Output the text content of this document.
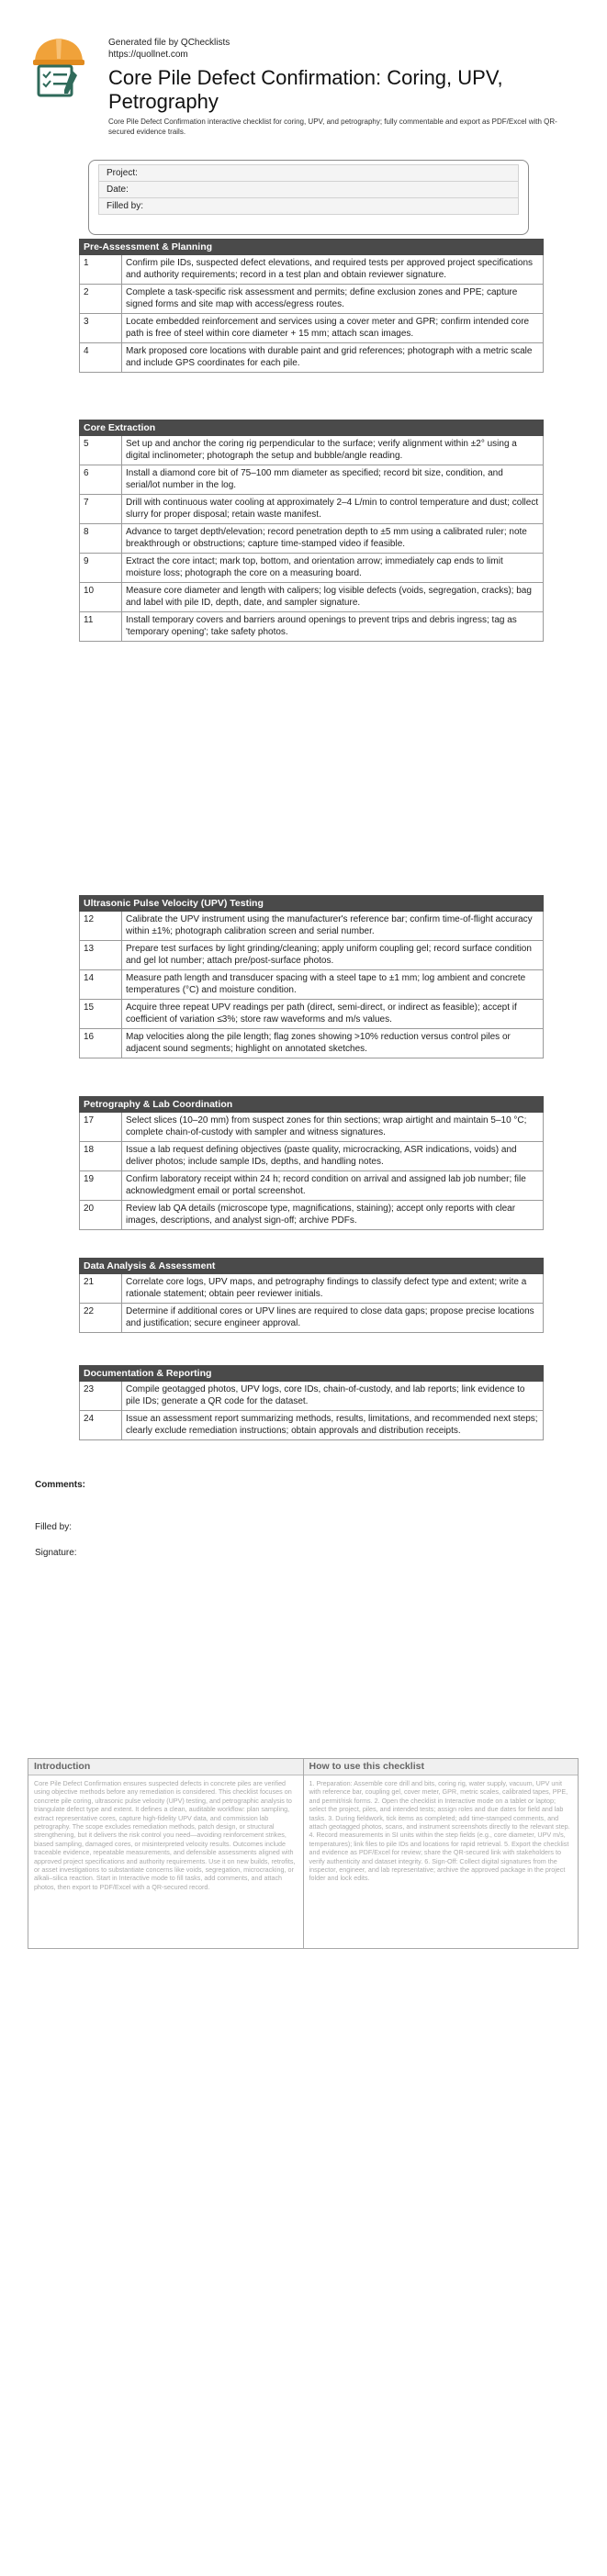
Generated file by QChecklists
https://quollnet.com
Core Pile Defect Confirmation: Coring, UPV, Petrography
Core Pile Defect Confirmation interactive checklist for coring, UPV, and petrography; fully commentable and export as PDF/Excel with QR-secured evidence trails.
Project:
Date:
Filled by:
Pre-Assessment & Planning
1	Confirm pile IDs, suspected defect elevations, and required tests per approved project specifications and authority requirements; record in a test plan and obtain reviewer signature.
2	Complete a task-specific risk assessment and permits; define exclusion zones and PPE; capture signed forms and site map with access/egress routes.
3	Locate embedded reinforcement and services using a cover meter and GPR; confirm intended core path is free of steel within core diameter + 15 mm; attach scan images.
4	Mark proposed core locations with durable paint and grid references; photograph with a metric scale and include GPS coordinates for each pile.
Core Extraction
5	Set up and anchor the coring rig perpendicular to the surface; verify alignment within ±2° using a digital inclinometer; photograph the setup and bubble/angle reading.
6	Install a diamond core bit of 75–100 mm diameter as specified; record bit size, condition, and serial/lot number in the log.
7	Drill with continuous water cooling at approximately 2–4 L/min to control temperature and dust; collect slurry for proper disposal; retain waste manifest.
8	Advance to target depth/elevation; record penetration depth to ±5 mm using a calibrated ruler; note breakthrough or obstructions; capture time-stamped video if feasible.
9	Extract the core intact; mark top, bottom, and orientation arrow; immediately cap ends to limit moisture loss; photograph the core on a measuring board.
10	Measure core diameter and length with calipers; log visible defects (voids, segregation, cracks); bag and label with pile ID, depth, date, and sampler signature.
11	Install temporary covers and barriers around openings to prevent trips and debris ingress; tag as 'temporary opening'; take safety photos.
Ultrasonic Pulse Velocity (UPV) Testing
12	Calibrate the UPV instrument using the manufacturer's reference bar; confirm time-of-flight accuracy within ±1%; photograph calibration screen and serial number.
13	Prepare test surfaces by light grinding/cleaning; apply uniform coupling gel; record surface condition and gel lot number; attach pre/post-surface photos.
14	Measure path length and transducer spacing with a steel tape to ±1 mm; log ambient and concrete temperatures (°C) and moisture condition.
15	Acquire three repeat UPV readings per path (direct, semi-direct, or indirect as feasible); accept if coefficient of variation ≤3%; store raw waveforms and m/s values.
16	Map velocities along the pile length; flag zones showing >10% reduction versus control piles or adjacent sound segments; highlight on annotated sketches.
Petrography & Lab Coordination
17	Select slices (10–20 mm) from suspect zones for thin sections; wrap airtight and maintain 5–10 °C; complete chain-of-custody with sampler and witness signatures.
18	Issue a lab request defining objectives (paste quality, microcracking, ASR indications, voids) and deliver photos; include sample IDs, depths, and handling notes.
19	Confirm laboratory receipt within 24 h; record condition on arrival and assigned lab job number; file acknowledgment email or portal screenshot.
20	Review lab QA details (microscope type, magnifications, staining); accept only reports with clear images, descriptions, and analyst sign-off; archive PDFs.
Data Analysis & Assessment
21	Correlate core logs, UPV maps, and petrography findings to classify defect type and extent; write a rationale statement; obtain peer reviewer initials.
22	Determine if additional cores or UPV lines are required to close data gaps; propose precise locations and justification; secure engineer approval.
Documentation & Reporting
23	Compile geotagged photos, UPV logs, core IDs, chain-of-custody, and lab reports; link evidence to pile IDs; generate a QR code for the dataset.
24	Issue an assessment report summarizing methods, results, limitations, and recommended next steps; clearly exclude remediation instructions; obtain approvals and distribution receipts.
Comments:
Filled by:
Signature:
Introduction
Core Pile Defect Confirmation ensures suspected defects in concrete piles are verified using objective methods before any remediation is considered. This checklist focuses on concrete pile coring, ultrasonic pulse velocity (UPV) testing, and petrographic analysis to triangulate defect type and extent. It defines a clean, auditable workflow: plan sampling, extract representative cores, capture high-fidelity UPV data, and commission lab petrography. The scope excludes remediation methods, patch design, or structural strengthening, but it delivers the risk control you need—avoiding reinforcement strikes, biased sampling, damaged cores, or misinterpreted velocity results. Outcomes include traceable evidence, repeatable measurements, and defensible assessments aligned with approved project specifications and authority requirements. Use it on new builds, retrofits, or asset investigations to substantiate concerns like voids, segregation, microcracking, or alkali–silica reaction. Start in Interactive mode to fill tasks, add comments, and attach photos, then export to PDF/Excel with a QR-secured record.
How to use this checklist
1. Preparation: Assemble core drill and bits, coring rig, water supply, vacuum, UPV unit with reference bar, coupling gel, cover meter, GPR, metric scales, calibrated tapes, PPE, and permit/risk forms. 2. Open the checklist in Interactive mode on a tablet or laptop; select the project, piles, and intended tests; assign roles and due dates for field and lab tasks. 3. During fieldwork, tick items as completed; add time-stamped comments, and attach geotagged photos, scans, and instrument screenshots directly to the relevant step. 4. Record measurements in SI units within the step fields (e.g., core diameter, UPV m/s, temperatures); link files to pile IDs and locations for rapid retrieval. 5. Export the checklist and evidence as PDF/Excel for review; share the QR-secured link with stakeholders to verify authenticity and dataset integrity. 6. Sign-Off: Collect digital signatures from the inspector, engineer, and lab representative; archive the approved package in the project folder and lock edits.
